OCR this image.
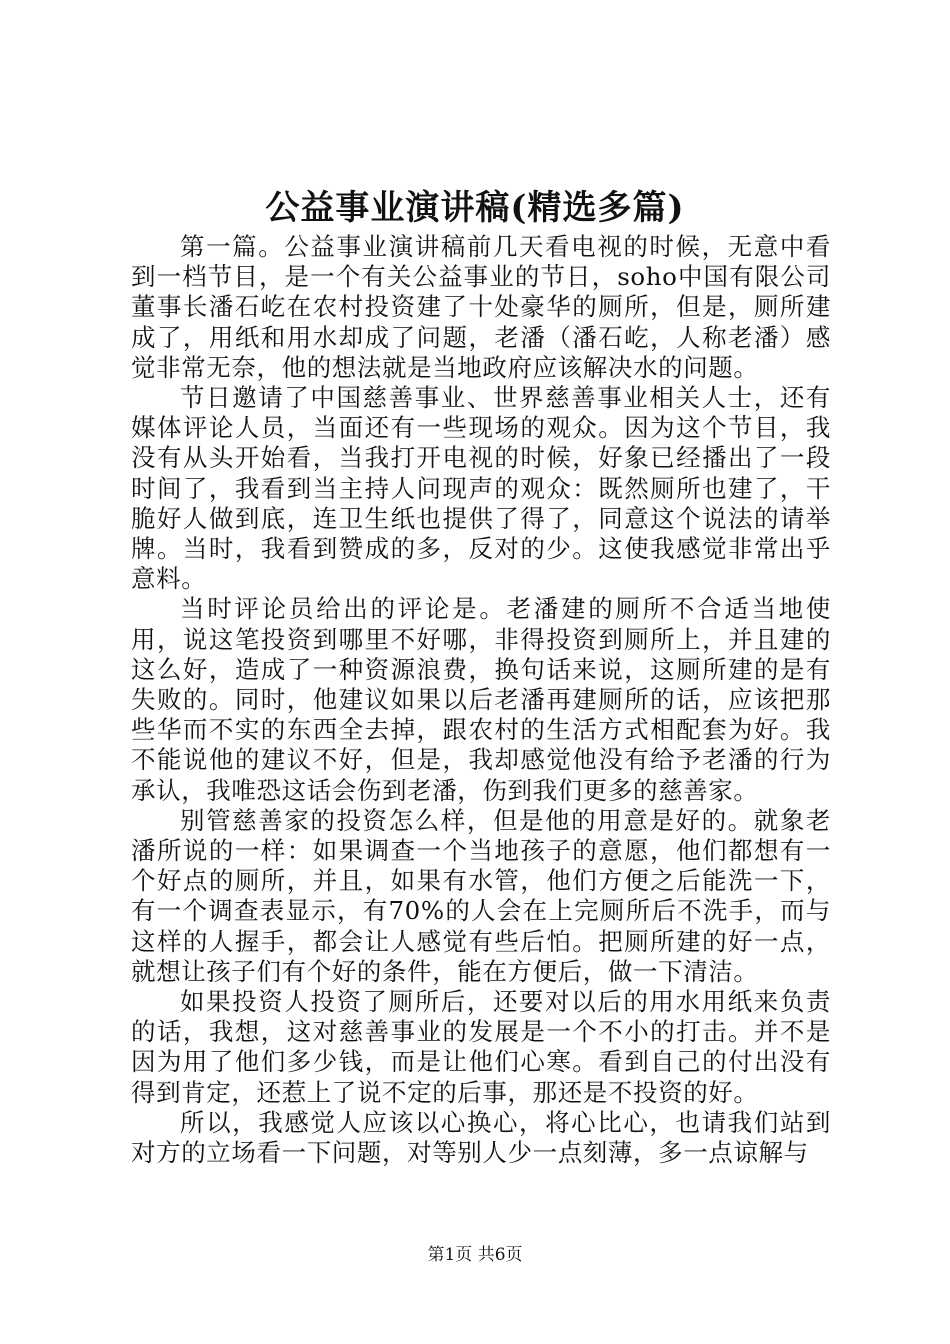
公益事业演讲稿(精选多篇)

第一篇。公益事业演讲稿前几天看电视的时候，无意中看到一档节目，是一个有关公益事业的节日，soho中国有限公司董事长潘石屹在农村投资建了十处豪华的厕所，但是，厕所建成了，用纸和用水却成了问题，老潘（潘石屹，人称老潘）感觉非常无奈，他的想法就是当地政府应该解决水的问题。

节日邀请了中国慈善事业、世界慈善事业相关人士，还有媒体评论人员，当面还有一些现场的观众。因为这个节目，我没有从头开始看，当我打开电视的时候，好象已经播出了一段时间了，我看到当主持人问现声的观众：既然厕所也建了，干脆好人做到底，连卫生纸也提供了得了，同意这个说法的请举牌。当时，我看到赞成的多，反对的少。这使我感觉非常出乎意料。

当时评论员给出的评论是。老潘建的厕所不合适当地使用，说这笔投资到哪里不好哪，非得投资到厕所上，并且建的这么好，造成了一种资源浪费，换句话来说，这厕所建的是有失败的。同时，他建议如果以后老潘再建厕所的话，应该把那些华而不实的东西全去掉，跟农村的生活方式相配套为好。我不能说他的建议不好，但是，我却感觉他没有给予老潘的行为承认，我唯恐这话会伤到老潘，伤到我们更多的慈善家。

别管慈善家的投资怎么样，但是他的用意是好的。就象老潘所说的一样：如果调查一个当地孩子的意愿，他们都想有一个好点的厕所，并且，如果有水管，他们方便之后能洗一下，有一个调查表显示，有70%的人会在上完厕所后不洗手，而与这样的人握手，都会让人感觉有些后怕。把厕所建的好一点，就想让孩子们有个好的条件，能在方便后，做一下清洁。

如果投资人投资了厕所后，还要对以后的用水用纸来负责的话，我想，这对慈善事业的发展是一个不小的打击。并不是因为用了他们多少钱，而是让他们心寒。看到自己的付出没有得到肯定，还惹上了说不定的后事，那还是不投资的好。

所以，我感觉人应该以心换心，将心比心，也请我们站到对方的立场看一下问题，对等别人少一点刻薄，多一点谅解与

第1页 共6页
